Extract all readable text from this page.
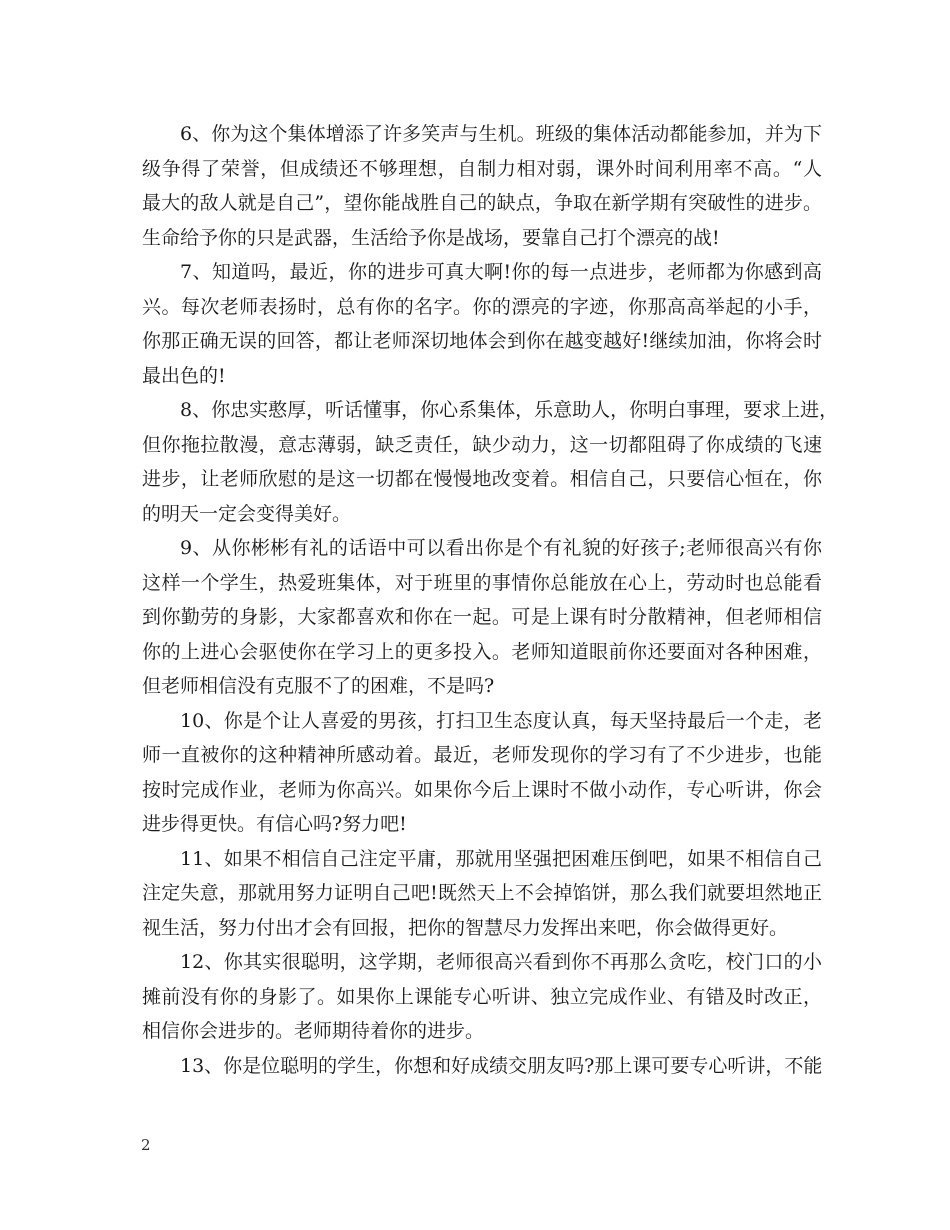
6、你为这个集体增添了许多笑声与生机。班级的集体活动都能参加，并为下
级争得了荣誉，但成绩还不够理想，自制力相对弱，课外时间利用率不高。“人
最大的敌人就是自己”，望你能战胜自己的缺点，争取在新学期有突破性的进步。
生命给予你的只是武器，生活给予你是战场，要靠自己打个漂亮的战!
7、知道吗，最近，你的进步可真大啊!你的每一点进步，老师都为你感到高
兴。每次老师表扬时，总有你的名字。你的漂亮的字迹，你那高高举起的小手，
你那正确无误的回答，都让老师深切地体会到你在越变越好!继续加油，你将会时
最出色的!
8、你忠实憨厚，听话懂事，你心系集体，乐意助人，你明白事理，要求上进，
但你拖拉散漫，意志薄弱，缺乏责任，缺少动力，这一切都阻碍了你成绩的飞速
进步，让老师欣慰的是这一切都在慢慢地改变着。相信自己，只要信心恒在，你
的明天一定会变得美好。
9、从你彬彬有礼的话语中可以看出你是个有礼貌的好孩子;老师很高兴有你
这样一个学生，热爱班集体，对于班里的事情你总能放在心上，劳动时也总能看
到你勤劳的身影，大家都喜欢和你在一起。可是上课有时分散精神，但老师相信
你的上进心会驱使你在学习上的更多投入。老师知道眼前你还要面对各种困难，
但老师相信没有克服不了的困难，不是吗?
10、你是个让人喜爱的男孩，打扫卫生态度认真，每天坚持最后一个走，老
师一直被你的这种精神所感动着。最近，老师发现你的学习有了不少进步，也能
按时完成作业，老师为你高兴。如果你今后上课时不做小动作，专心听讲，你会
进步得更快。有信心吗?努力吧!
11、如果不相信自己注定平庸，那就用坚强把困难压倒吧，如果不相信自己
注定失意，那就用努力证明自己吧!既然天上不会掉馅饼，那么我们就要坦然地正
视生活，努力付出才会有回报，把你的智慧尽力发挥出来吧，你会做得更好。
12、你其实很聪明，这学期，老师很高兴看到你不再那么贪吃，校门口的小
摊前没有你的身影了。如果你上课能专心听讲、独立完成作业、有错及时改正，
相信你会进步的。老师期待着你的进步。
13、你是位聪明的学生，你想和好成绩交朋友吗?那上课可要专心听讲，不能
2
